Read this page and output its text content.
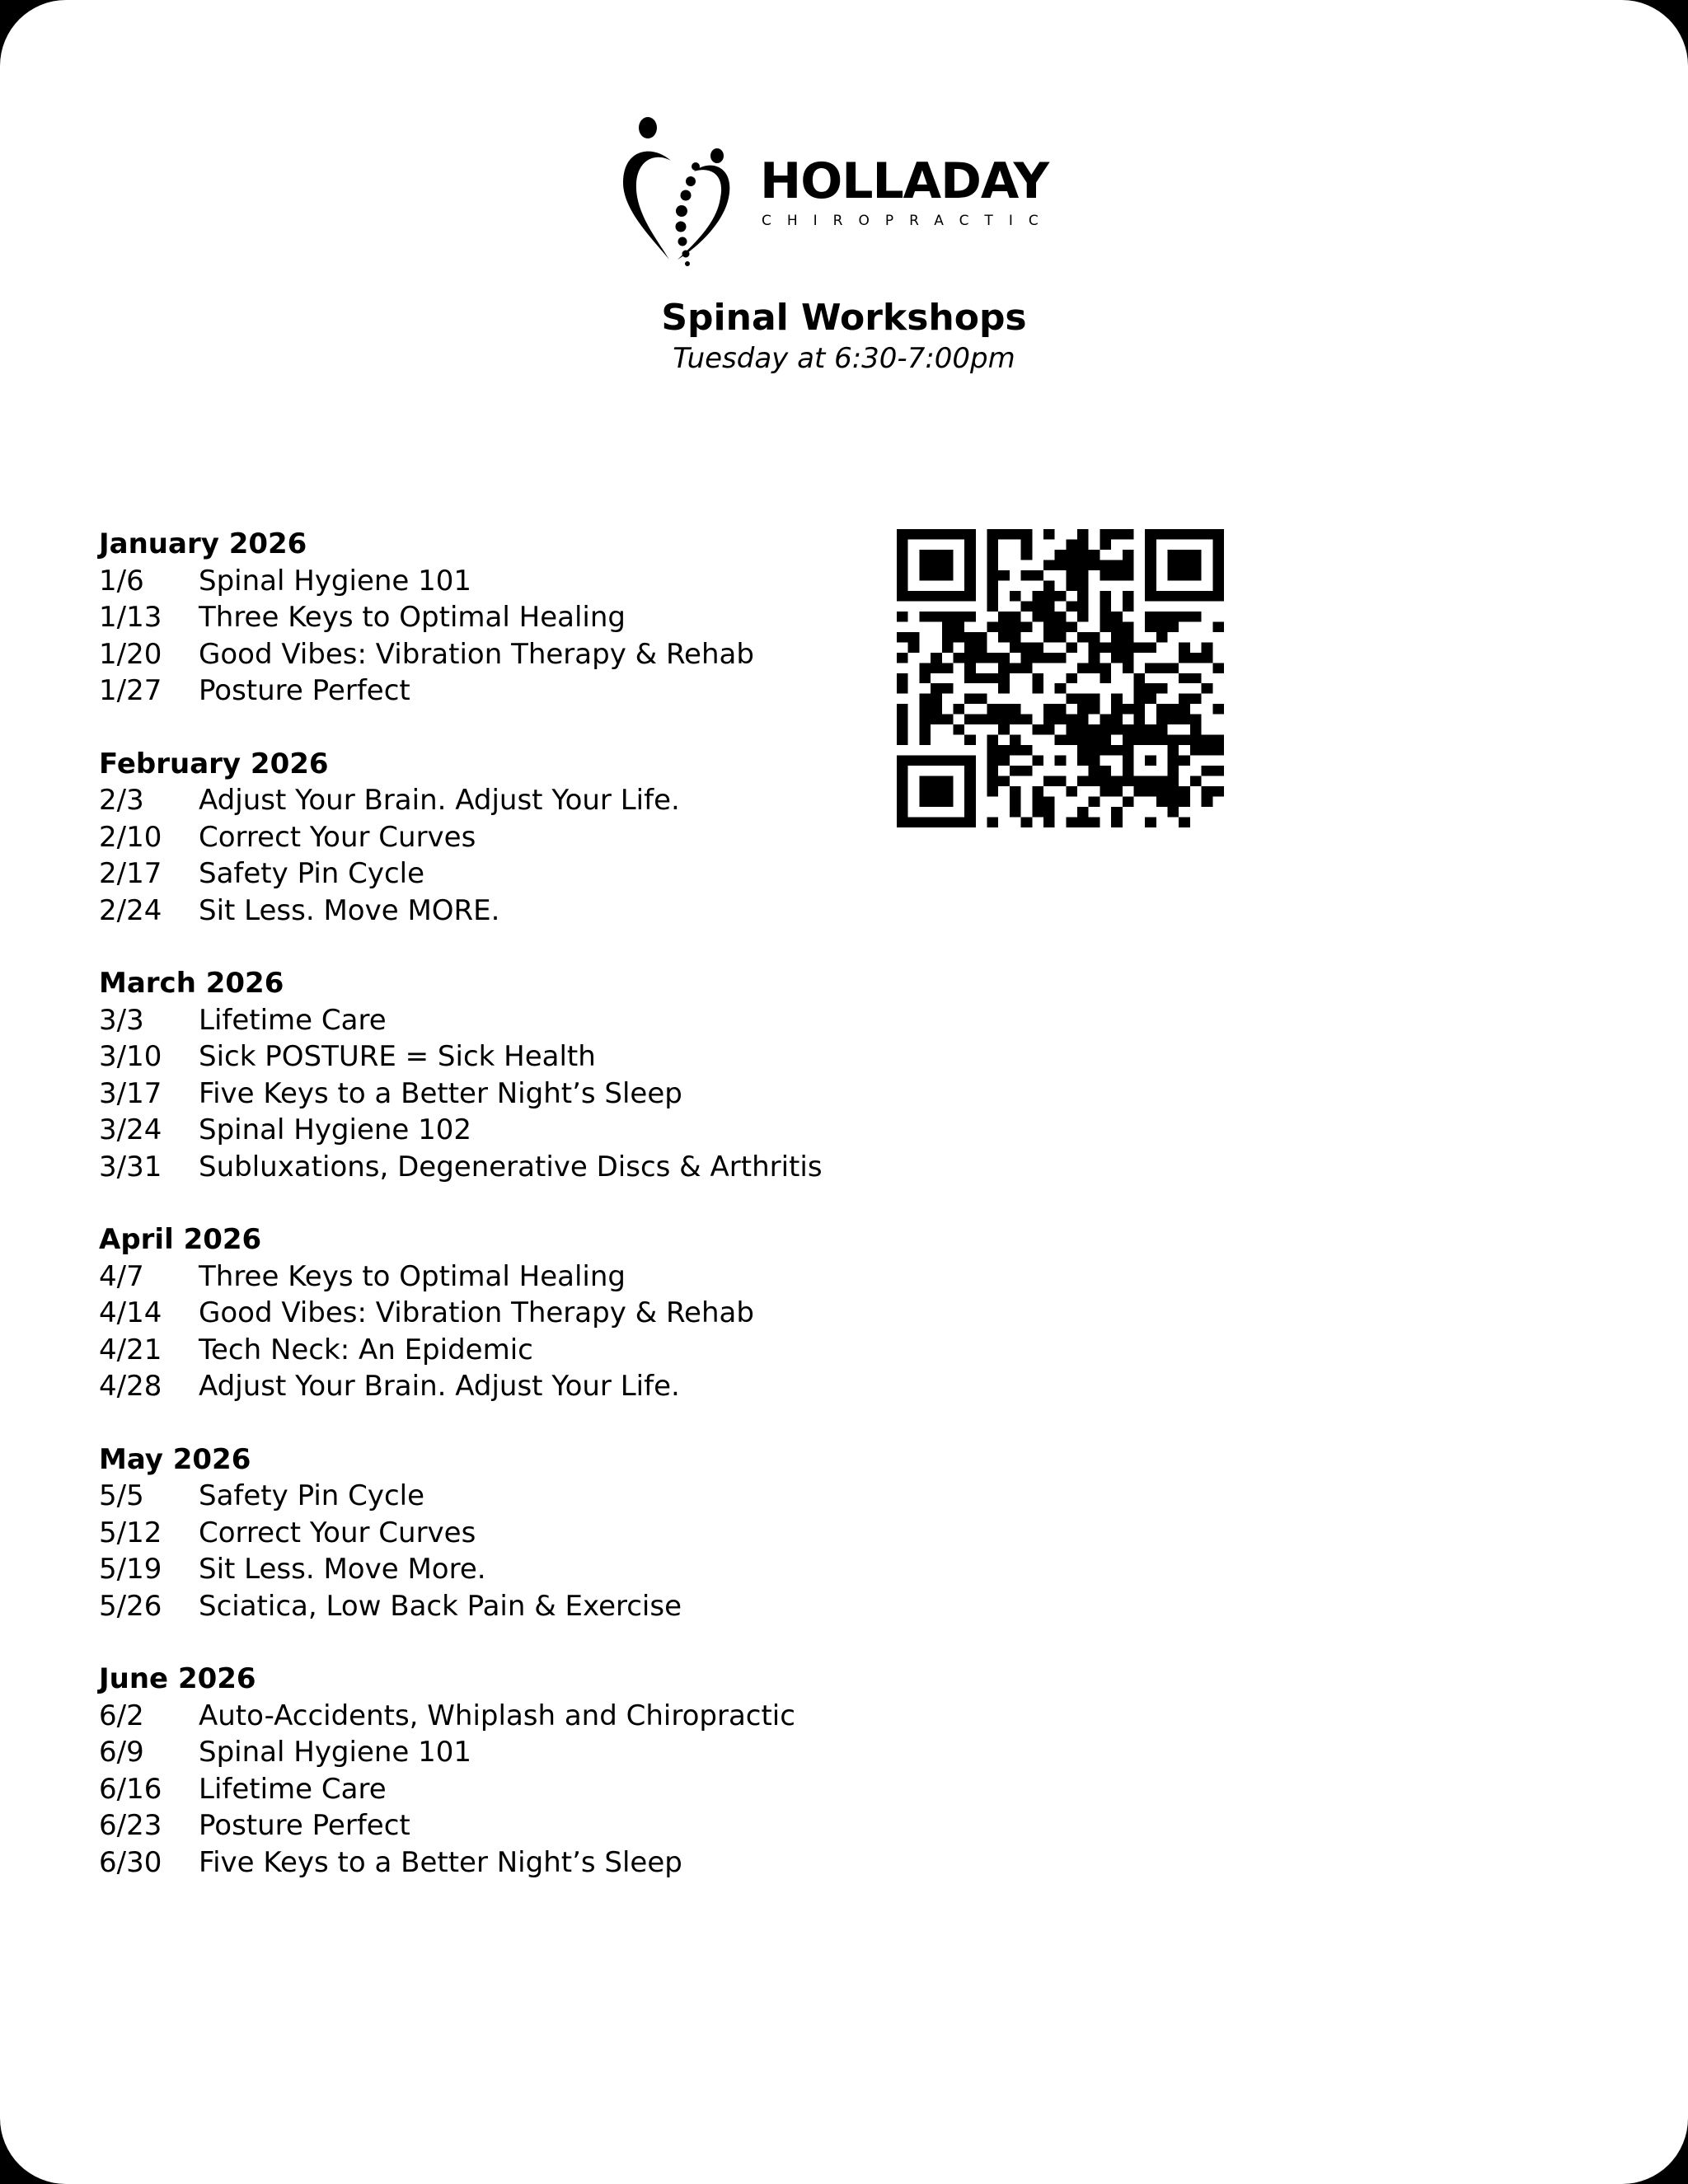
HOLLADAY
CHIROPRACTIC
Spinal Workshops
Tuesday at 6:30-7:00pm
January 2026
1/6	Spinal Hygiene 101
1/13	Three Keys to Optimal Healing
1/20	Good Vibes: Vibration Therapy & Rehab
1/27	Posture Perfect
February 2026
2/3	Adjust Your Brain. Adjust Your Life.
2/10	Correct Your Curves
2/17	Safety Pin Cycle
2/24	Sit Less. Move MORE.
March 2026
3/3	Lifetime Care
3/10	Sick POSTURE = Sick Health
3/17	Five Keys to a Better Night’s Sleep
3/24	Spinal Hygiene 102
3/31	Subluxations, Degenerative Discs & Arthritis
April 2026
4/7	Three Keys to Optimal Healing
4/14	Good Vibes: Vibration Therapy & Rehab
4/21	Tech Neck: An Epidemic
4/28	Adjust Your Brain. Adjust Your Life.
May 2026
5/5	Safety Pin Cycle
5/12	Correct Your Curves
5/19	Sit Less. Move More.
5/26	Sciatica, Low Back Pain & Exercise
June 2026
6/2	Auto-Accidents, Whiplash and Chiropractic
6/9	Spinal Hygiene 101
6/16	Lifetime Care
6/23	Posture Perfect
6/30	Five Keys to a Better Night’s Sleep
